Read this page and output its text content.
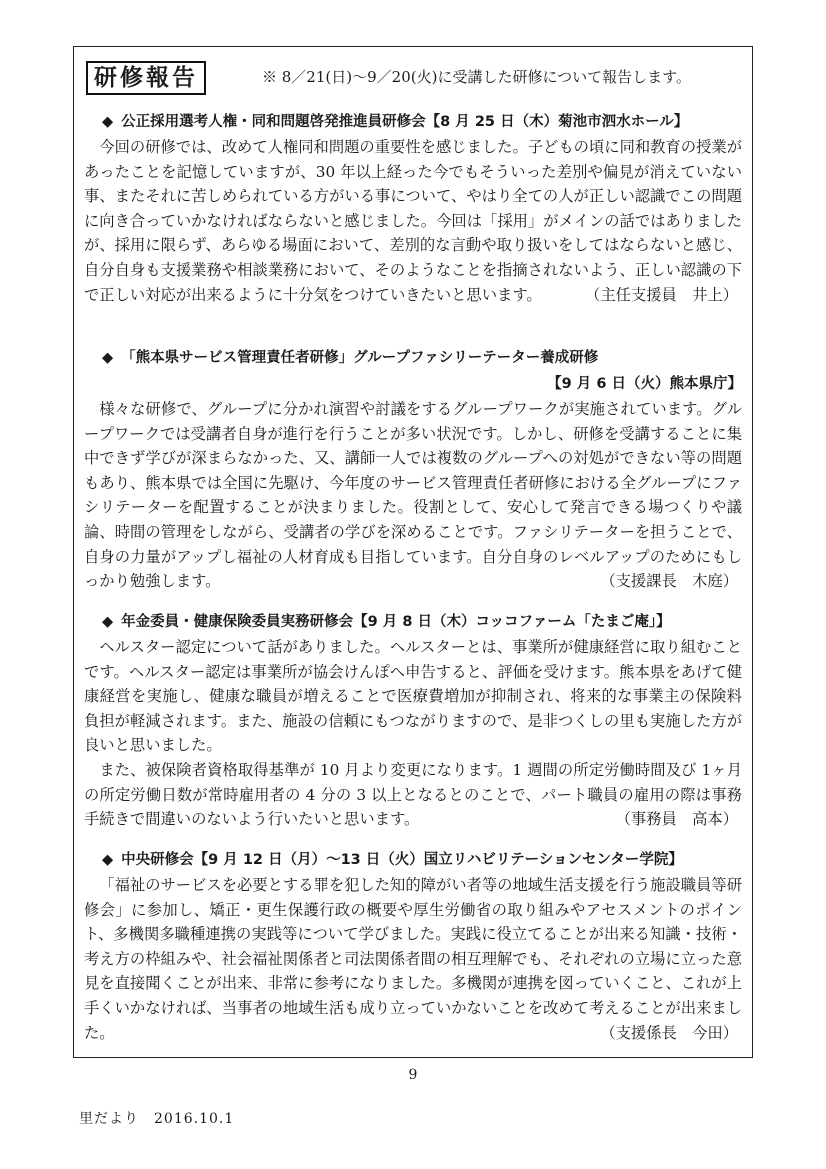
研修報告	※ 8／21(日)～9／20(火)に受講した研修について報告します。
◆ 公正採用選考人権・同和問題啓発推進員研修会【8 月 25 日（木）菊池市泗水ホール】

今回の研修では、改めて人権同和問題の重要性を感じました。子どもの頃に同和教育の授業があったことを記憶していますが、30 年以上経った今でもそういった差別や偏見が消えていない事、またそれに苦しめられている方がいる事について、やはり全ての人が正しい認識でこの問題に向き合っていかなければならないと感じました。今回は「採用」がメインの話ではありましたが、採用に限らず、あらゆる場面において、差別的な言動や取り扱いをしてはならないと感じ、自分自身も支援業務や相談業務において、そのようなことを指摘されないよう、正しい認識の下で正しい対応が出来るように十分気をつけていきたいと思います。	（主任支援員　井上）
◆ 「熊本県サービス管理責任者研修」グループファシリーテーター養成研修
【9 月 6 日（火）熊本県庁】

様々な研修で、グループに分かれ演習や討議をするグループワークが実施されています。グループワークでは受講者自身が進行を行うことが多い状況です。しかし、研修を受講することに集中できず学びが深まらなかった、又、講師一人では複数のグループへの対処ができない等の問題もあり、熊本県では全国に先駆け、今年度のサービス管理責任者研修における全グループにファシリテーターを配置することが決まりました。役割として、安心して発言できる場つくりや議論、時間の管理をしながら、受講者の学びを深めることです。ファシリテーターを担うことで、自身の力量がアップし福祉の人材育成も目指しています。自分自身のレベルアップのためにもしっかり勉強します。	（支援課長　木庭）
◆ 年金委員・健康保険委員実務研修会【9 月 8 日（木）コッコファーム「たまご庵」】

ヘルスター認定について話がありました。ヘルスターとは、事業所が健康経営に取り組むことです。ヘルスター認定は事業所が協会けんぽへ申告すると、評価を受けます。熊本県をあげて健康経営を実施し、健康な職員が増えることで医療費増加が抑制され、将来的な事業主の保険料負担が軽減されます。また、施設の信頼にもつながりますので、是非つくしの里も実施した方が良いと思いました。

また、被保険者資格取得基準が 10 月より変更になります。1 週間の所定労働時間及び 1ヶ月の所定労働日数が常時雇用者の 4 分の 3 以上となるとのことで、パート職員の雇用の際は事務手続きで間違いのないよう行いたいと思います。	（事務員　高本）
◆ 中央研修会【9 月 12 日（月）～13 日（火）国立リハビリテーションセンター学院】

「福祉のサービスを必要とする罪を犯した知的障がい者等の地域生活支援を行う施設職員等研修会」に参加し、矯正・更生保護行政の概要や厚生労働省の取り組みやアセスメントのポイント、多機関多職種連携の実践等について学びました。実践に役立てることが出来る知識・技術・考え方の枠組みや、社会福祉関係者と司法関係者間の相互理解でも、それぞれの立場に立った意見を直接聞くことが出来、非常に参考になりました。多機関が連携を図っていくこと、これが上手くいかなければ、当事者の地域生活も成り立っていかないことを改めて考えることが出来ました。	（支援係長　今田）
9
里だより　2016.10.1
